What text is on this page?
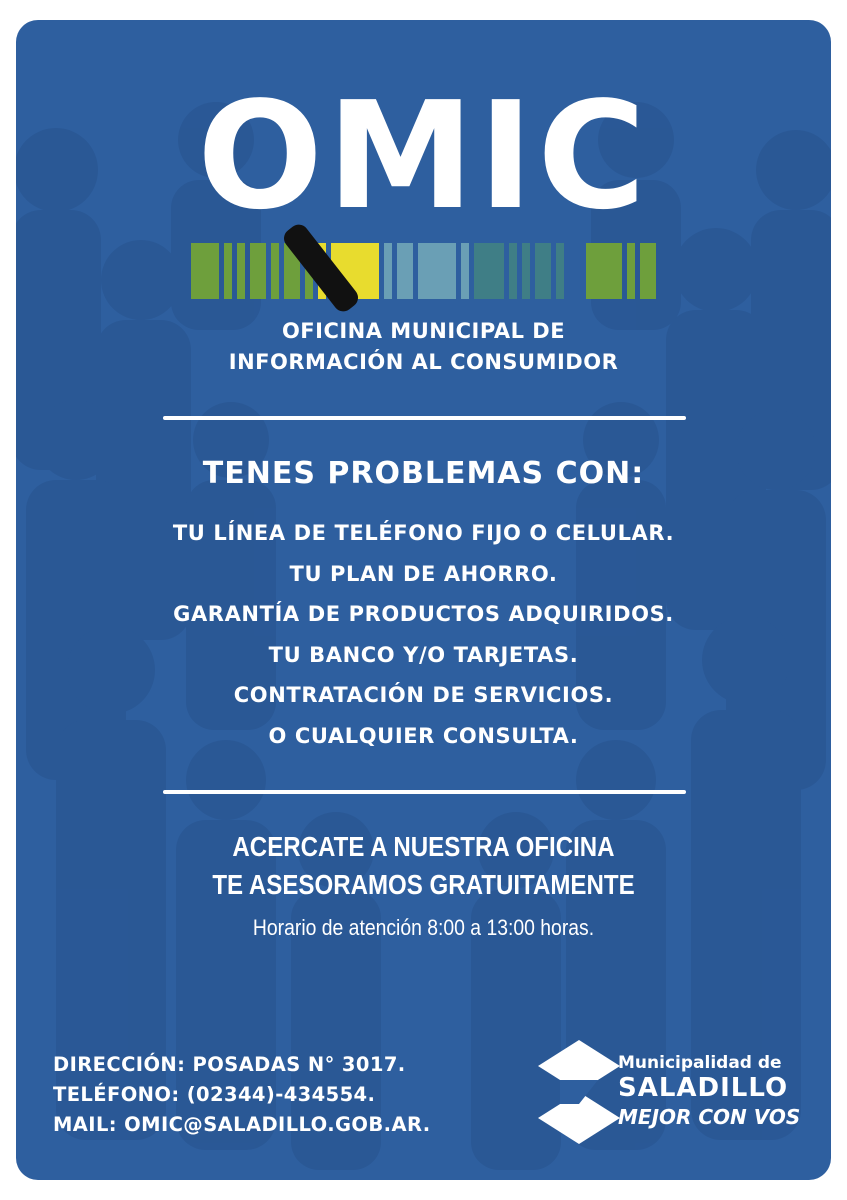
OMIC
OFICINA MUNICIPAL DE
INFORMACIÓN AL CONSUMIDOR
TENES PROBLEMAS CON:
TU LÍNEA DE TELÉFONO FIJO O CELULAR.
TU PLAN DE AHORRO.
GARANTÍA DE PRODUCTOS ADQUIRIDOS.
TU BANCO Y/O TARJETAS.
CONTRATACIÓN DE SERVICIOS.
O CUALQUIER CONSULTA.
ACERCATE A NUESTRA OFICINA
TE ASESORAMOS GRATUITAMENTE
Horario de atención 8:00 a 13:00 horas.
DIRECCIÓN: POSADAS N° 3017.
TELÉFONO: (02344)-434554.
MAIL: OMIC@SALADILLO.GOB.AR.
Municipalidad de
SALADILLO
MEJOR CON VOS
